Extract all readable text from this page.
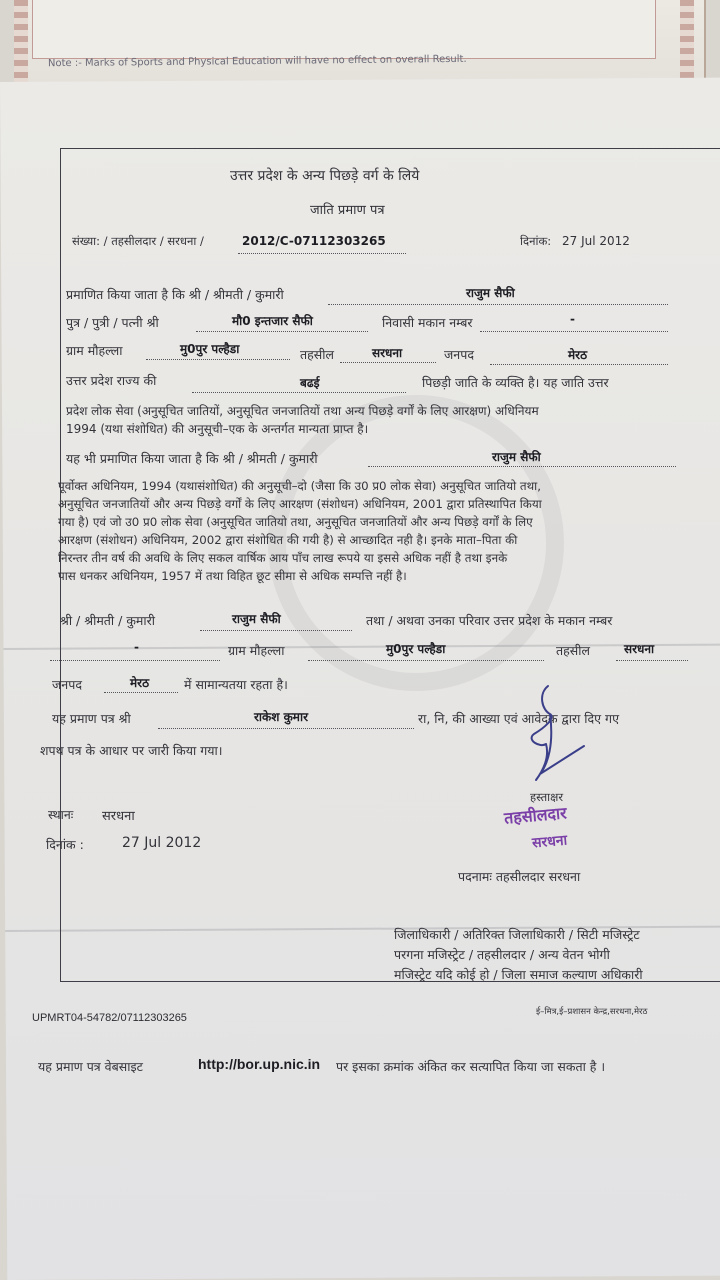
Note :- Marks of Sports and Physical Education will have no effect on overall Result.
उत्तर प्रदेश के अन्य पिछड़े वर्ग के लिये
जाति प्रमाण पत्र
संख्या: / तहसीलदार / सरधना /	2012/C-07112303265	दिनांक: 27 Jul 2012
प्रमाणित किया जाता है कि श्री / श्रीमती / कुमारी	राजुम सैफी
पुत्र / पुत्री / पत्नी श्री	मौ0 इन्तजार सैफी	निवासी मकान नम्बर	-
ग्राम मौहल्ला	मु0पुर पल्हैडा	तहसील	सरधना	जनपद	मेरठ
उत्तर प्रदेश राज्य की	बढई	पिछड़ी जाति के व्यक्ति है। यह जाति उत्तर
प्रदेश लोक सेवा (अनुसूचित जातियों, अनुसूचित जनजातियों तथा अन्य पिछड़े वर्गों के लिए आरक्षण) अधिनियम
1994 (यथा संशोधित) की अनुसूची–एक के अन्तर्गत मान्यता प्राप्त है।
यह भी प्रमाणित किया जाता है कि श्री / श्रीमती / कुमारी	राजुम सैफी
पूर्वोक्त अधिनियम, 1994 (यथासंशोधित) की अनुसूची–दो (जैसा कि उ0 प्र0 लोक सेवा) अनुसूचित जातियो तथा,
अनुसूचित जनजातियों और अन्य पिछड़े वर्गों के लिए आरक्षण (संशोधन) अधिनियम, 2001 द्वारा प्रतिस्थापित किया
गया है) एवं जो उ0 प्र0 लोक सेवा (अनुसूचित जातियो तथा, अनुसूचित जनजातियों और अन्य पिछड़े वर्गों के लिए
आरक्षण (संशोधन) अधिनियम, 2002 द्वारा संशोधित की गयी है) से आच्छादित नही है। इनके माता–पिता की
निरन्तर तीन वर्ष की अवधि के लिए सकल वार्षिक आय पाँच लाख रूपये या इससे अधिक नहीं है तथा इनके
पास धनकर अधिनियम, 1957 में तथा विहित छूट सीमा से अधिक सम्पत्ति नहीं है।
श्री / श्रीमती / कुमारी	राजुम सैफी	तथा / अथवा उनका परिवार उत्तर प्रदेश के मकान नम्बर
-	ग्राम मौहल्ला	मु0पुर पल्हैडा	तहसील	सरधना
जनपद	मेरठ	में सामान्यतया रहता है।
यह प्रमाण पत्र श्री	राकेश कुमार	रा, नि, की आख्या एवं आवेदक द्वारा दिए गए
शपथ पत्र के आधार पर जारी किया गया।
स्थानः सरधना
दिनांक :	27 Jul 2012
हस्ताक्षर
तहसीलदार
सरधना
पदनामः तहसीलदार सरधना
जिलाधिकारी / अतिरिक्त जिलाधिकारी / सिटी मजिस्ट्रेट
परगना मजिस्ट्रेट / तहसीलदार / अन्य वेतन भोगी
मजिस्ट्रेट यदि कोई हो / जिला समाज कल्याण अधिकारी
UPMRT04-54782/07112303265	ई–मित्र,ई–प्रशासन केन्द्र,सरधना,मेरठ
यह प्रमाण पत्र वेबसाइट	http://bor.up.nic.in पर इसका क्रमांक अंकित कर सत्यापित किया जा सकता है ।
